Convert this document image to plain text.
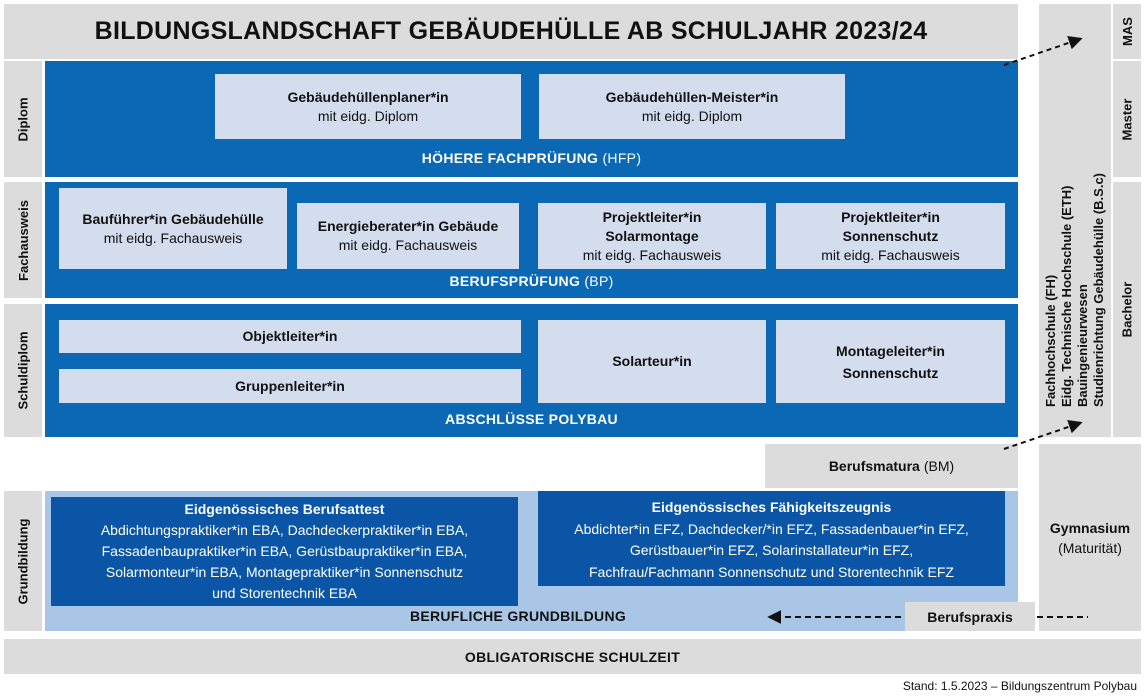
BILDUNGSLANDSCHAFT GEBÄUDEHÜLLE AB SCHULJAHR 2023/24
Diplom
Fachausweis
Schuldiplom
Grundbildung
Gebäudehüllenplaner*in
mit eidg. Diplom
Gebäudehüllen-Meister*in
mit eidg. Diplom
HÖHERE FACHPRÜFUNG (HFP)
Bauführer*in Gebäudehülle
mit eidg. Fachausweis
Energieberater*in Gebäude
mit eidg. Fachausweis
Projektleiter*in
Solarmontage
mit eidg. Fachausweis
Projektleiter*in
Sonnenschutz
mit eidg. Fachausweis
BERUFSPRÜFUNG (BP)
Objektleiter*in
Gruppenleiter*in
Solarteur*in
Montageleiter*in
Sonnenschutz
ABSCHLÜSSE POLYBAU
Eidgenössisches Berufsattest
Abdichtungspraktiker*in EBA, Dachdeckerpraktiker*in EBA,
Fassadenbaupraktiker*in EBA, Gerüstbaupraktiker*in EBA,
Solarmonteur*in EBA, Montagepraktiker*in Sonnenschutz
und Storentechnik EBA
Eidgenössisches Fähigkeitszeugnis
Abdichter*in EFZ, Dachdecker/*in EFZ, Fassadenbauer*in EFZ,
Gerüstbauer*in EFZ, Solarinstallateur*in EFZ,
Fachfrau/Fachmann Sonnenschutz und Storentechnik EFZ
BERUFLICHE GRUNDBILDUNG
OBLIGATORISCHE SCHULZEIT
Stand: 1.5.2023 – Bildungszentrum Polybau
MAS
Master
Bachelor
Fachhochschule (FH) Eidg. Technische Hochschule (ETH) Bauingenieurwesen Studienrichtung Gebäudehülle (B.S.c)
Berufsmatura (BM)
Gymnasium
(Maturität)
Berufspraxis
